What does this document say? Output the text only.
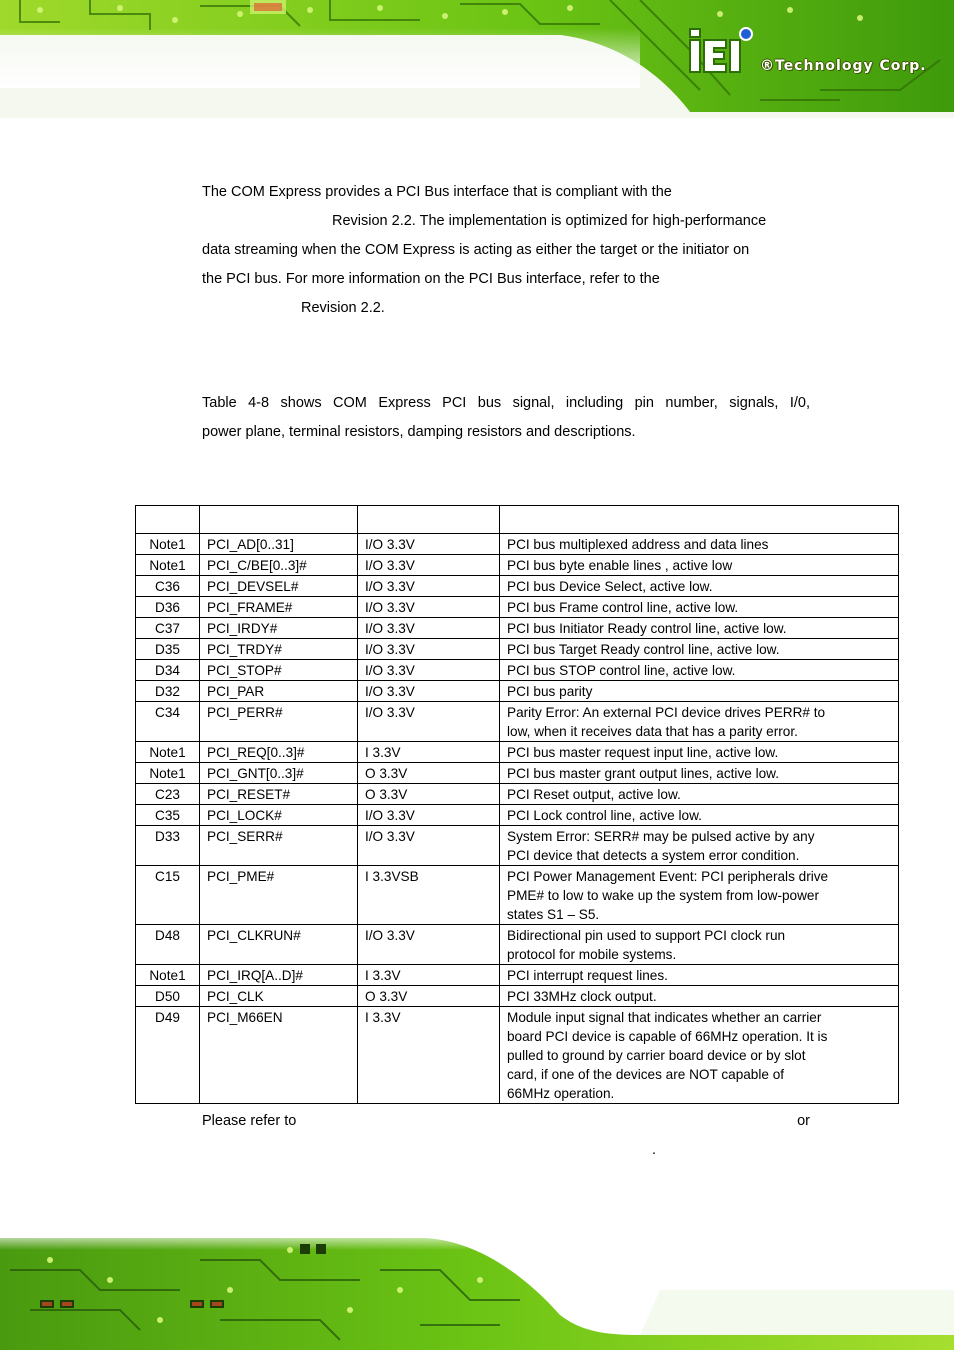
®Technology Corp.

The COM Express provides a PCI Bus interface that is compliant with the

Revision 2.2. The implementation is optimized for high-performance

data streaming when the COM Express is acting as either the target or the initiator on

the PCI bus. For more information on the PCI Bus interface, refer to the

Revision 2.2.

Table 4-8 shows COM Express PCI bus signal, including pin number, signals, I/0,

power plane, terminal resistors, damping resistors and descriptions.

Note1	PCI_AD[0..31]	I/O 3.3V	PCI bus multiplexed address and data lines

Note1	PCI_C/BE[0..3]#	I/O 3.3V	PCI bus byte enable lines , active low

C36	PCI_DEVSEL#	I/O 3.3V	PCI bus Device Select, active low.

D36	PCI_FRAME#	I/O 3.3V	PCI bus Frame control line, active low.

C37	PCI_IRDY#	I/O 3.3V	PCI bus Initiator Ready control line, active low.

D35	PCI_TRDY#	I/O 3.3V	PCI bus Target Ready control line, active low.

D34	PCI_STOP#	I/O 3.3V	PCI bus STOP control line, active low.

D32	PCI_PAR	I/O 3.3V	PCI bus parity

C34	PCI_PERR#	I/O 3.3V	Parity Error: An external PCI device drives PERR# to
low, when it receives data that has a parity error.

Note1	PCI_REQ[0..3]#	I 3.3V	PCI bus master request input line, active low.

Note1	PCI_GNT[0..3]#	O 3.3V	PCI bus master grant output lines, active low.

C23	PCI_RESET#	O 3.3V	PCI Reset output, active low.

C35	PCI_LOCK#	I/O 3.3V	PCI Lock control line, active low.

D33	PCI_SERR#	I/O 3.3V	System Error: SERR# may be pulsed active by any
PCI device that detects a system error condition.

C15	PCI_PME#	I 3.3VSB	PCI Power Management Event: PCI peripherals drive
PME# to low to wake up the system from low-power
states S1 – S5.

D48	PCI_CLKRUN#	I/O 3.3V	Bidirectional pin used to support PCI clock run
protocol for mobile systems.

Note1	PCI_IRQ[A..D]#	I 3.3V	PCI interrupt request lines.

D50	PCI_CLK	O 3.3V	PCI 33MHz clock output.

D49	PCI_M66EN	I 3.3V	Module input signal that indicates whether an carrier
board PCI device is capable of 66MHz operation. It is
pulled to ground by carrier board device or by slot
card, if one of the devices are NOT capable of
66MHz operation.
Please refer to	or
.
